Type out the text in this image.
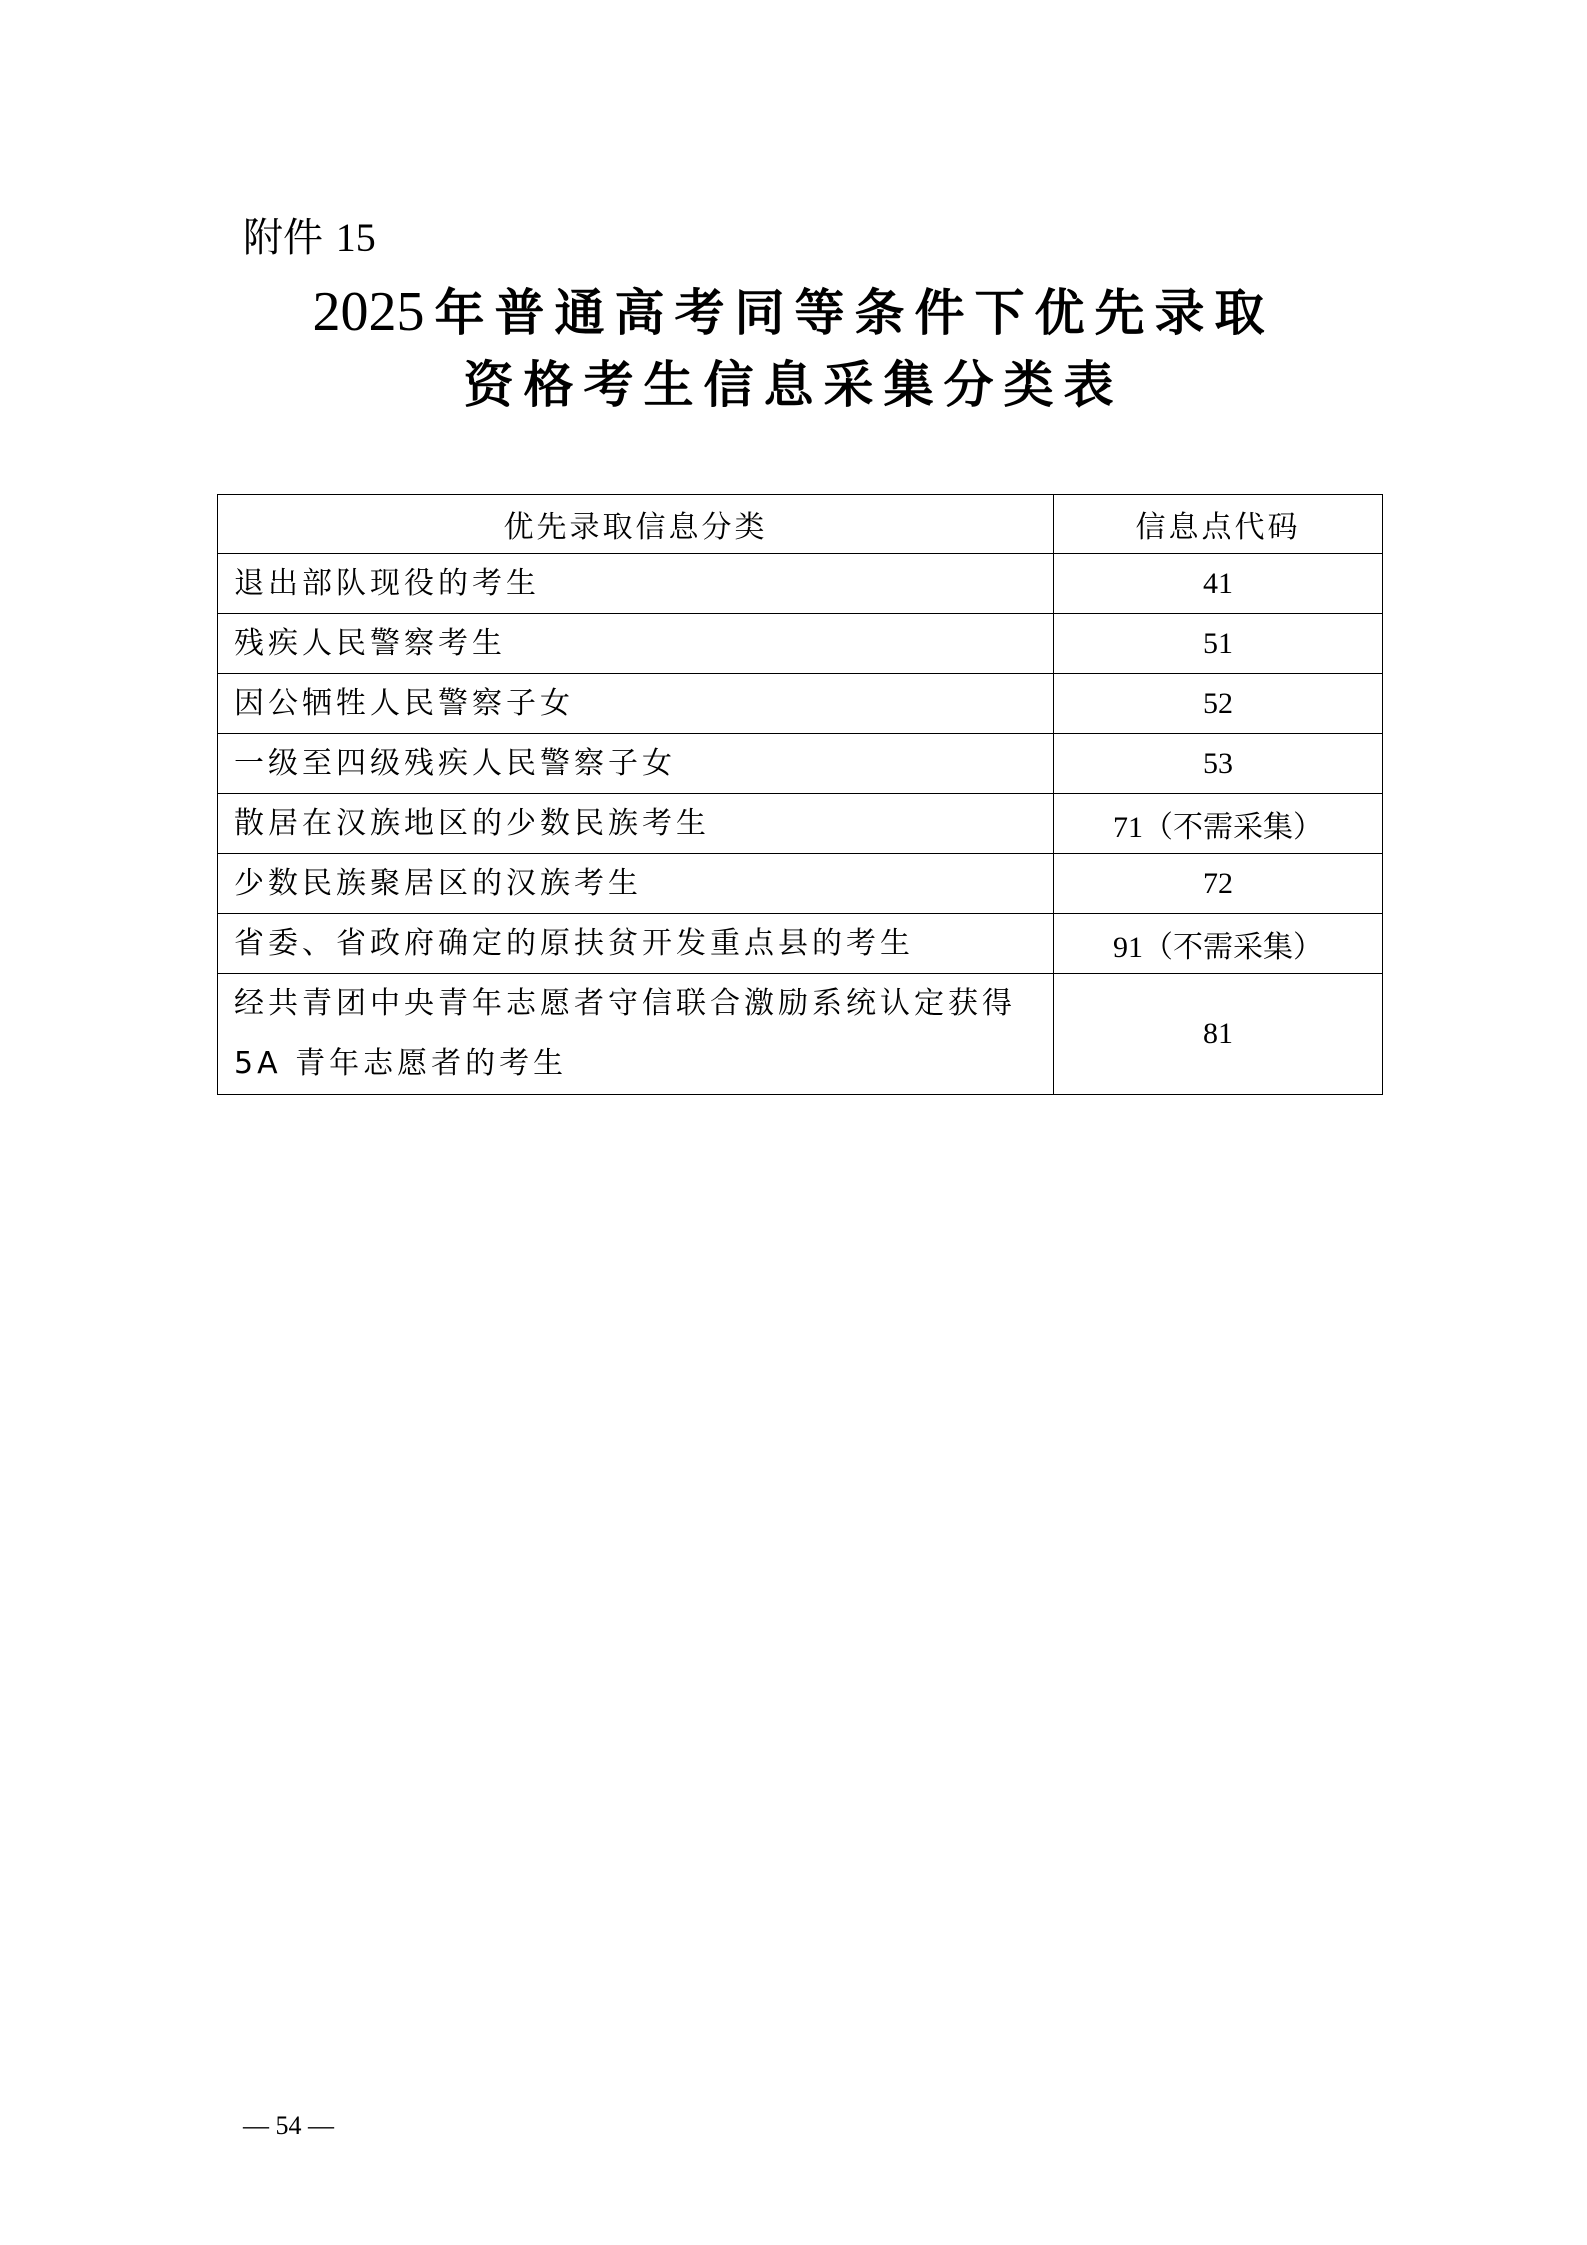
附件 15
2025 年普通高考同等条件下优先录取
资格考生信息采集分类表
优先录取信息分类	信息点代码
退出部队现役的考生	41
残疾人民警察考生	51
因公牺牲人民警察子女	52
一级至四级残疾人民警察子女	53
散居在汉族地区的少数民族考生	71（不需采集）
少数民族聚居区的汉族考生	72
省委、省政府确定的原扶贫开发重点县的考生	91（不需采集）
经共青团中央青年志愿者守信联合激励系统认定获得 5A 青年志愿者的考生	81
— 54 —
